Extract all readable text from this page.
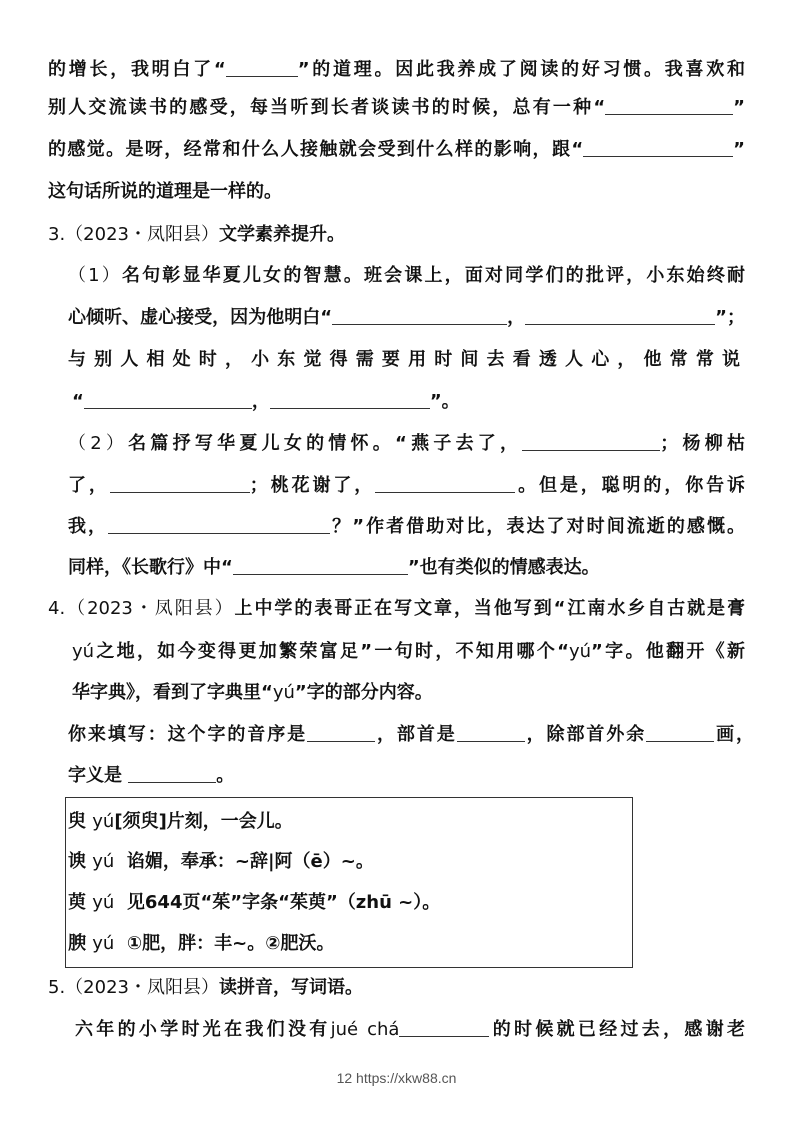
的增长，我明白了“	”的道理。因此我养成了阅读的好习惯。我喜欢和
别人交流读书的感受，每当听到长者谈读书的时候，总有一种“	”
的感觉。是呀，经常和什么人接触就会受到什么样的影响，跟“	”
这句话所说的道理是一样的。
3.（2023・凤阳县）文学素养提升。
（1）名句彰显华夏儿女的智慧。班会课上，面对同学们的批评，小东始终耐
心倾听、虚心接受，因为他明白“	，	”；
与别人相处时，小东觉得需要用时间去看透人心，他常常说
“	，	”。
（2）名篇抒写华夏儿女的情怀。“燕子去了，	；杨柳枯
了，	；桃花谢了，	。但是，聪明的，你告诉
我，	？”作者借助对比，表达了对时间流逝的感慨。
同样，《长歌行》中“	”也有类似的情感表达。
4.（2023・凤阳县）上中学的表哥正在写文章，当他写到“江南水乡自古就是膏
yú之地，如今变得更加繁荣富足”一句时，不知用哪个“yú”字。他翻开《新
华字典》，看到了字典里“yú”字的部分内容。
你来填写：这个字的音序是	，部首是	，除部首外余	画，
字义是	。
臾 yú[须臾]片刻，一会儿。
谀 yú 谄媚，奉承：~辞|阿（ē）~。
萸 yú 见644页“茱”字条“茱萸”（zhū ~）。
腴 yú ①肥，胖：丰~。②肥沃。
5.（2023・凤阳县）读拼音，写词语。
六年的小学时光在我们没有jué chá	的时候就已经过去，感谢老
12 https://xkw88.cn
